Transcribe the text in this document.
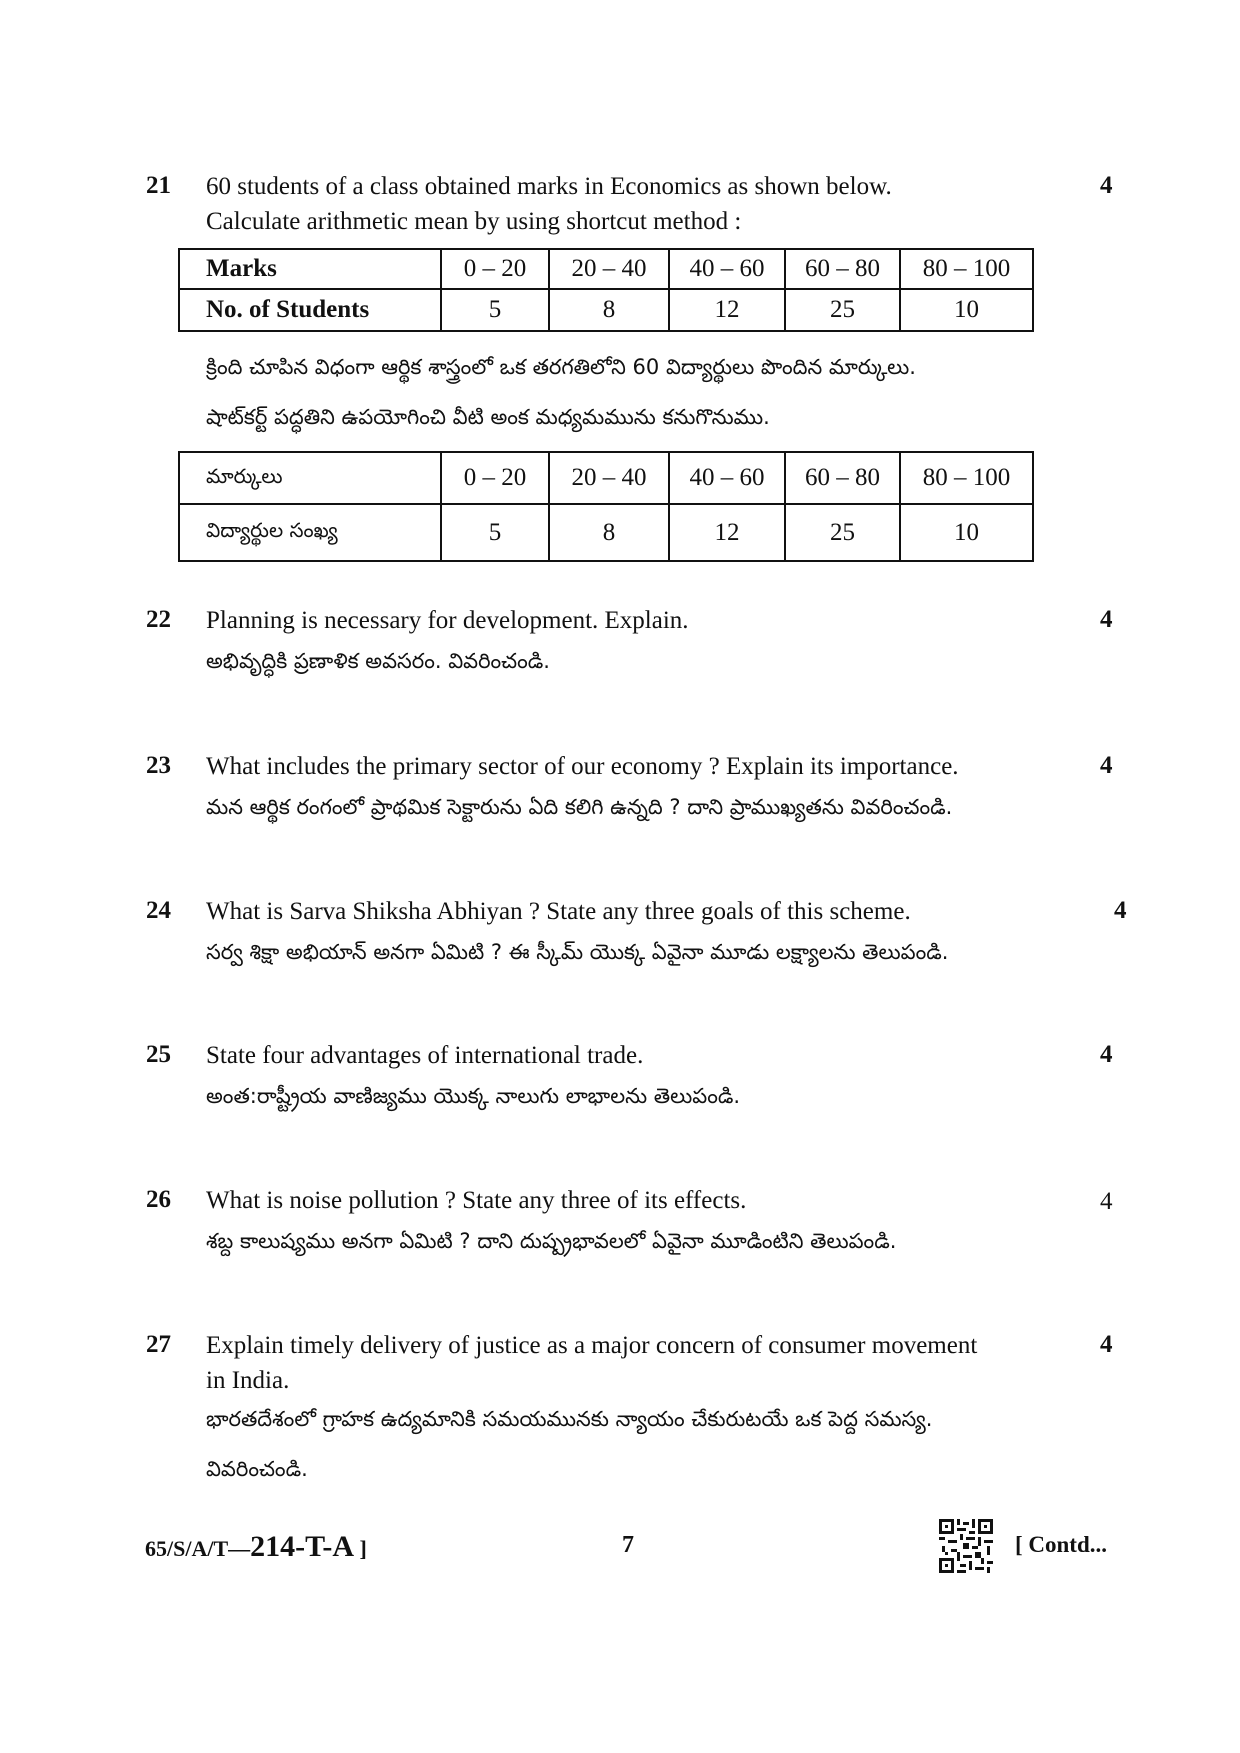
21 60 students of a class obtained marks in Economics as shown below.
Calculate arithmetic mean by using shortcut method :
4
Marks	0 – 20	20 – 40	40 – 60	60 – 80	80 – 100
No. of Students	5	8	12	25	10
క్రింది చూపిన విధంగా ఆర్థిక శాస్త్రంలో ఒక తరగతిలోని 60 విద్యార్థులు పొందిన మార్కులు.
షాట్‌కర్ట్ పద్ధతిని ఉపయోగించి వీటి అంక మధ్యమమును కనుగొనుము.
మార్కులు	0 – 20	20 – 40	40 – 60	60 – 80	80 – 100
విద్యార్థుల సంఖ్య	5	8	12	25	10
22 Planning is necessary for development. Explain.	4
అభివృద్ధికి ప్రణాళిక అవసరం. వివరించండి.
23 What includes the primary sector of our economy ? Explain its importance.	4
మన ఆర్థిక రంగంలో ప్రాథమిక సెక్టారును ఏది కలిగి ఉన్నది ? దాని ప్రాముఖ్యతను వివరించండి.
24 What is Sarva Shiksha Abhiyan ? State any three goals of this scheme.	4
సర్వ శిక్షా అభియాన్ అనగా ఏమిటి ? ఈ స్కీమ్ యొక్క ఏవైనా మూడు లక్ష్యాలను తెలుపండి.
25 State four advantages of international trade.	4
అంత:రాష్ట్రీయ వాణిజ్యము యొక్క నాలుగు లాభాలను తెలుపండి.
26 What is noise pollution ? State any three of its effects.	4
శబ్ద కాలుష్యము అనగా ఏమిటి ? దాని దుష్ప్రభావలలో ఏవైనా మూడింటిని తెలుపండి.
27 Explain timely delivery of justice as a major concern of consumer movement
in India.
4
భారతదేశంలో గ్రాహక ఉద్యమానికి సమయమునకు న్యాయం చేకురుటయే ఒక పెద్ద సమస్య.
వివరించండి.
65/S/A/T—214-T-A ]	7	[ Contd...
